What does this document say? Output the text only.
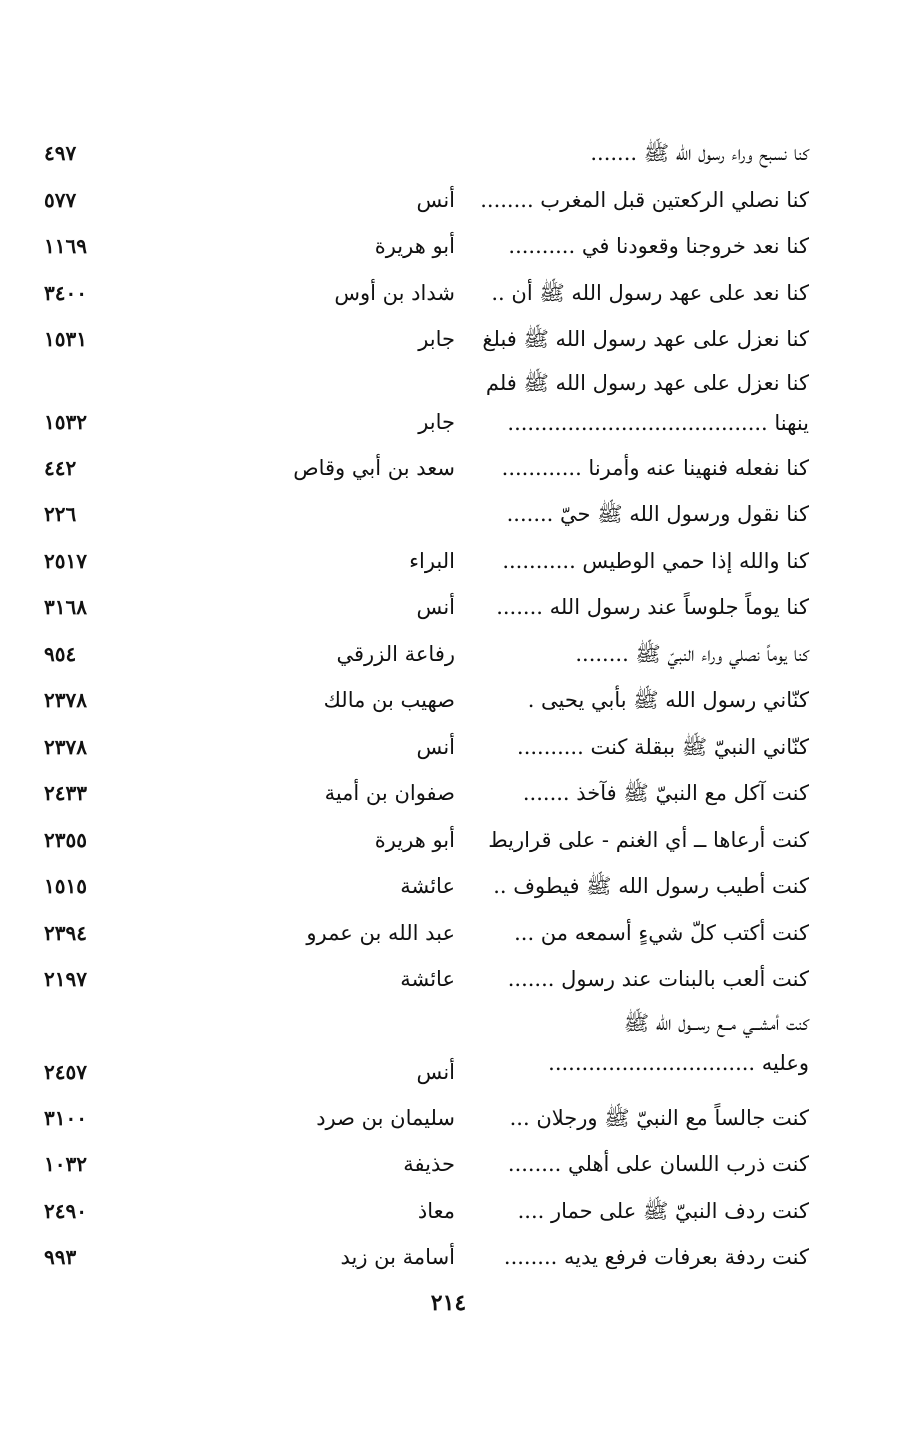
كنا نسبح وراء رسول الله ﷺ .......
٤٩٧
كنا نصلي الركعتين قبل المغرب ........
أنس
٥٧٧
كنا نعد خروجنا وقعودنا في ..........
أبو هريرة
١١٦٩
كنا نعد على عهد رسول الله ﷺ أن ..
شداد بن أوس
٣٤٠٠
كنا نعزل على عهد رسول الله ﷺ فبلغ
جابر
١٥٣١
كنا نعزل على عهد رسول الله ﷺ فلم
ينهنا .......................................
جابر
١٥٣٢
كنا نفعله فنهينا عنه وأمرنا ............
سعد بن أبي وقاص
٤٤٢
كنا نقول ورسول الله ﷺ حيّ .......
٢٢٦
كنا والله إذا حمي الوطيس ...........
البراء
٢٥١٧
كنا يوماً جلوساً عند رسول الله .......
أنس
٣١٦٨
كنا يوماً نصلي وراء النبيّ ﷺ ........
رفاعة الزرقي
٩٥٤
كنّاني رسول الله ﷺ بأبي يحيى .
صهيب بن مالك
٢٣٧٨
كنّاني النبيّ ﷺ ببقلة كنت ..........
أنس
٢٣٧٨
كنت آكل مع النبيّ ﷺ فآخذ .......
صفوان بن أمية
٢٤٣٣
كنت أرعاها ــ أي الغنم - على قراريط
أبو هريرة
٢٣٥٥
كنت أطيب رسول الله ﷺ فيطوف ..
عائشة
١٥١٥
كنت أكتب كلّ شيءٍ أسمعه من ...
عبد الله بن عمرو
٢٣٩٤
كنت ألعب بالبنات عند رسول .......
عائشة
٢١٩٧
كنت أمشــي مــع رســول الله ﷺ
وعليه ...............................
أنس
٢٤٥٧
كنت جالساً مع النبيّ ﷺ ورجلان ...
سليمان بن صرد
٣١٠٠
كنت ذرب اللسان على أهلي ........
حذيفة
١٠٣٢
كنت ردف النبيّ ﷺ على حمار ....
معاذ
٢٤٩٠
كنت ردفة بعرفات فرفع يديه ........
أسامة بن زيد
٩٩٣
٢١٤
